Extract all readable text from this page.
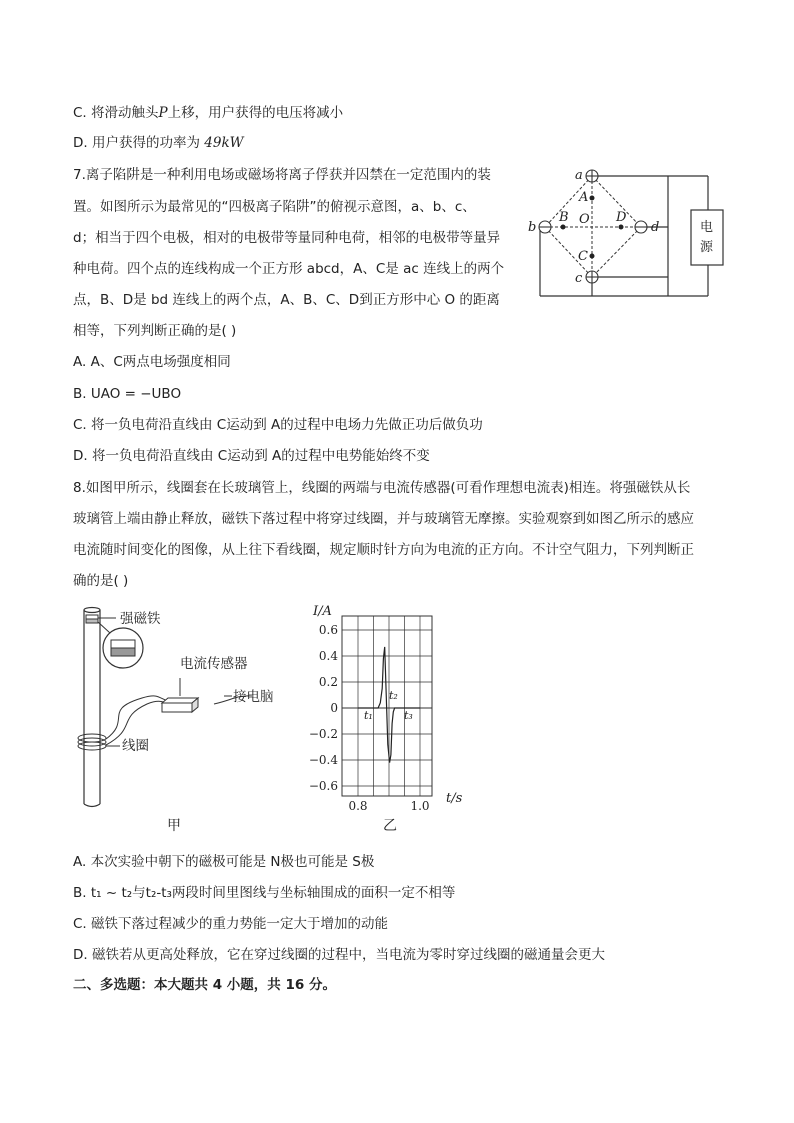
C. 将滑动触头P上移，用户获得的电压将减小
D. 用户获得的功率为 49kW
7.离子陷阱是一种利用电场或磁场将离子俘获并囚禁在一定范围内的装
置。如图所示为最常见的“四极离子陷阱”的俯视示意图，a、b、c、
d；相当于四个电极，相对的电极带等量同种电荷，相邻的电极带等量异
种电荷。四个点的连线构成一个正方形 abcd，A、C是 ac 连线上的两个
点，B、D是 bd 连线上的两个点，A、B、C、D到正方形中心 O 的距离
相等，下列判断正确的是( )
A. A、C两点电场强度相同
B. UAO = −UBO
C. 将一负电荷沿直线由 C运动到 A的过程中电场力先做正功后做负功
D. 将一负电荷沿直线由 C运动到 A的过程中电势能始终不变
电
源
a
b
c
d
A
B	D
O
C
8.如图甲所示，线圈套在长玻璃管上，线圈的两端与电流传感器(可看作理想电流表)相连。将强磁铁从长
玻璃管上端由静止释放，磁铁下落过程中将穿过线圈，并与玻璃管无摩擦。实验观察到如图乙所示的感应
电流随时间变化的图像，从上往下看线圈，规定顺时针方向为电流的正方向。不计空气阻力，下列判断正
确的是( )
强磁铁
电流传感器
接电脑
线圈
甲
I/A
t/s
0.6
0.4
0.2
0
−0.2
−0.4
−0.6
0.8	1.0
t₁
t₂
t₃
乙
A. 本次实验中朝下的磁极可能是 N极也可能是 S极
B. t₁ ~ t₂与t₂-t₃两段时间里图线与坐标轴围成的面积一定不相等
C. 磁铁下落过程减少的重力势能一定大于增加的动能
D. 磁铁若从更高处释放，它在穿过线圈的过程中，当电流为零时穿过线圈的磁通量会更大
二、多选题：本大题共 4 小题，共 16 分。
